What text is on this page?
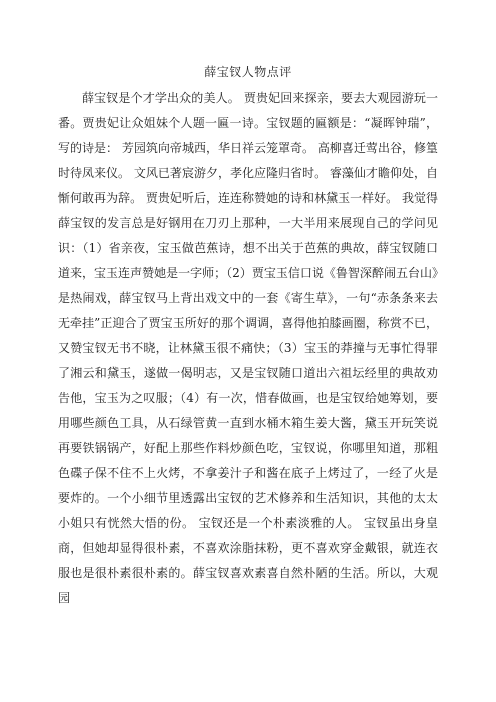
薛宝钗人物点评

薛宝钗是个才学出众的美人。 贾贵妃回来探亲，要去大观园游玩一番。贾贵妃让众姐妹个人题一匾一诗。宝钗题的匾额是：“凝晖钟瑞”，写的诗是： 芳园筑向帝城西，华日祥云笼罩奇。 高柳喜迁莺出谷，修篁时待凤来仪。 文风已著宸游夕，孝化应隆归省时。 睿藻仙才瞻仰处，自惭何敢再为辞。 贾贵妃听后，连连称赞她的诗和林黛玉一样好。 我觉得薛宝钗的发言总是好钢用在刀刃上那种，一大半用来展现自己的学问见识：（1）省亲夜，宝玉做芭蕉诗，想不出关于芭蕉的典故，薛宝钗随口道来，宝玉连声赞她是一字师；（2）贾宝玉信口说《鲁智深醉闹五台山》是热闹戏，薛宝钗马上背出戏文中的一套《寄生草》，一句“赤条条来去无牵挂”正迎合了贾宝玉所好的那个调调，喜得他拍膝画圈，称赏不已，又赞宝钗无书不晓，让林黛玉很不痛快；（3）宝玉的莽撞与无事忙得罪了湘云和黛玉，遂做一偈明志，又是宝钗随口道出六祖坛经里的典故劝告他，宝玉为之叹服；（4）有一次，惜春做画，也是宝钗给她筹划，要用哪些颜色工具，从石绿管黄一直到水桶木箱生姜大酱，黛玉开玩笑说再要铁锅锅产，好配上那些作料炒颜色吃，宝钗说，你哪里知道，那粗色碟子保不住不上火烤，不拿姜汁子和酱在底子上烤过了，一经了火是要炸的。一个小细节里透露出宝钗的艺术修养和生活知识，其他的太太小姐只有恍然大悟的份。 宝钗还是一个朴素淡雅的人。 宝钗虽出身皇商，但她却显得很朴素，不喜欢涂脂抹粉，更不喜欢穿金戴银，就连衣服也是很朴素很朴素的。薛宝钗喜欢素喜自然朴陋的生活。所以，大观园
